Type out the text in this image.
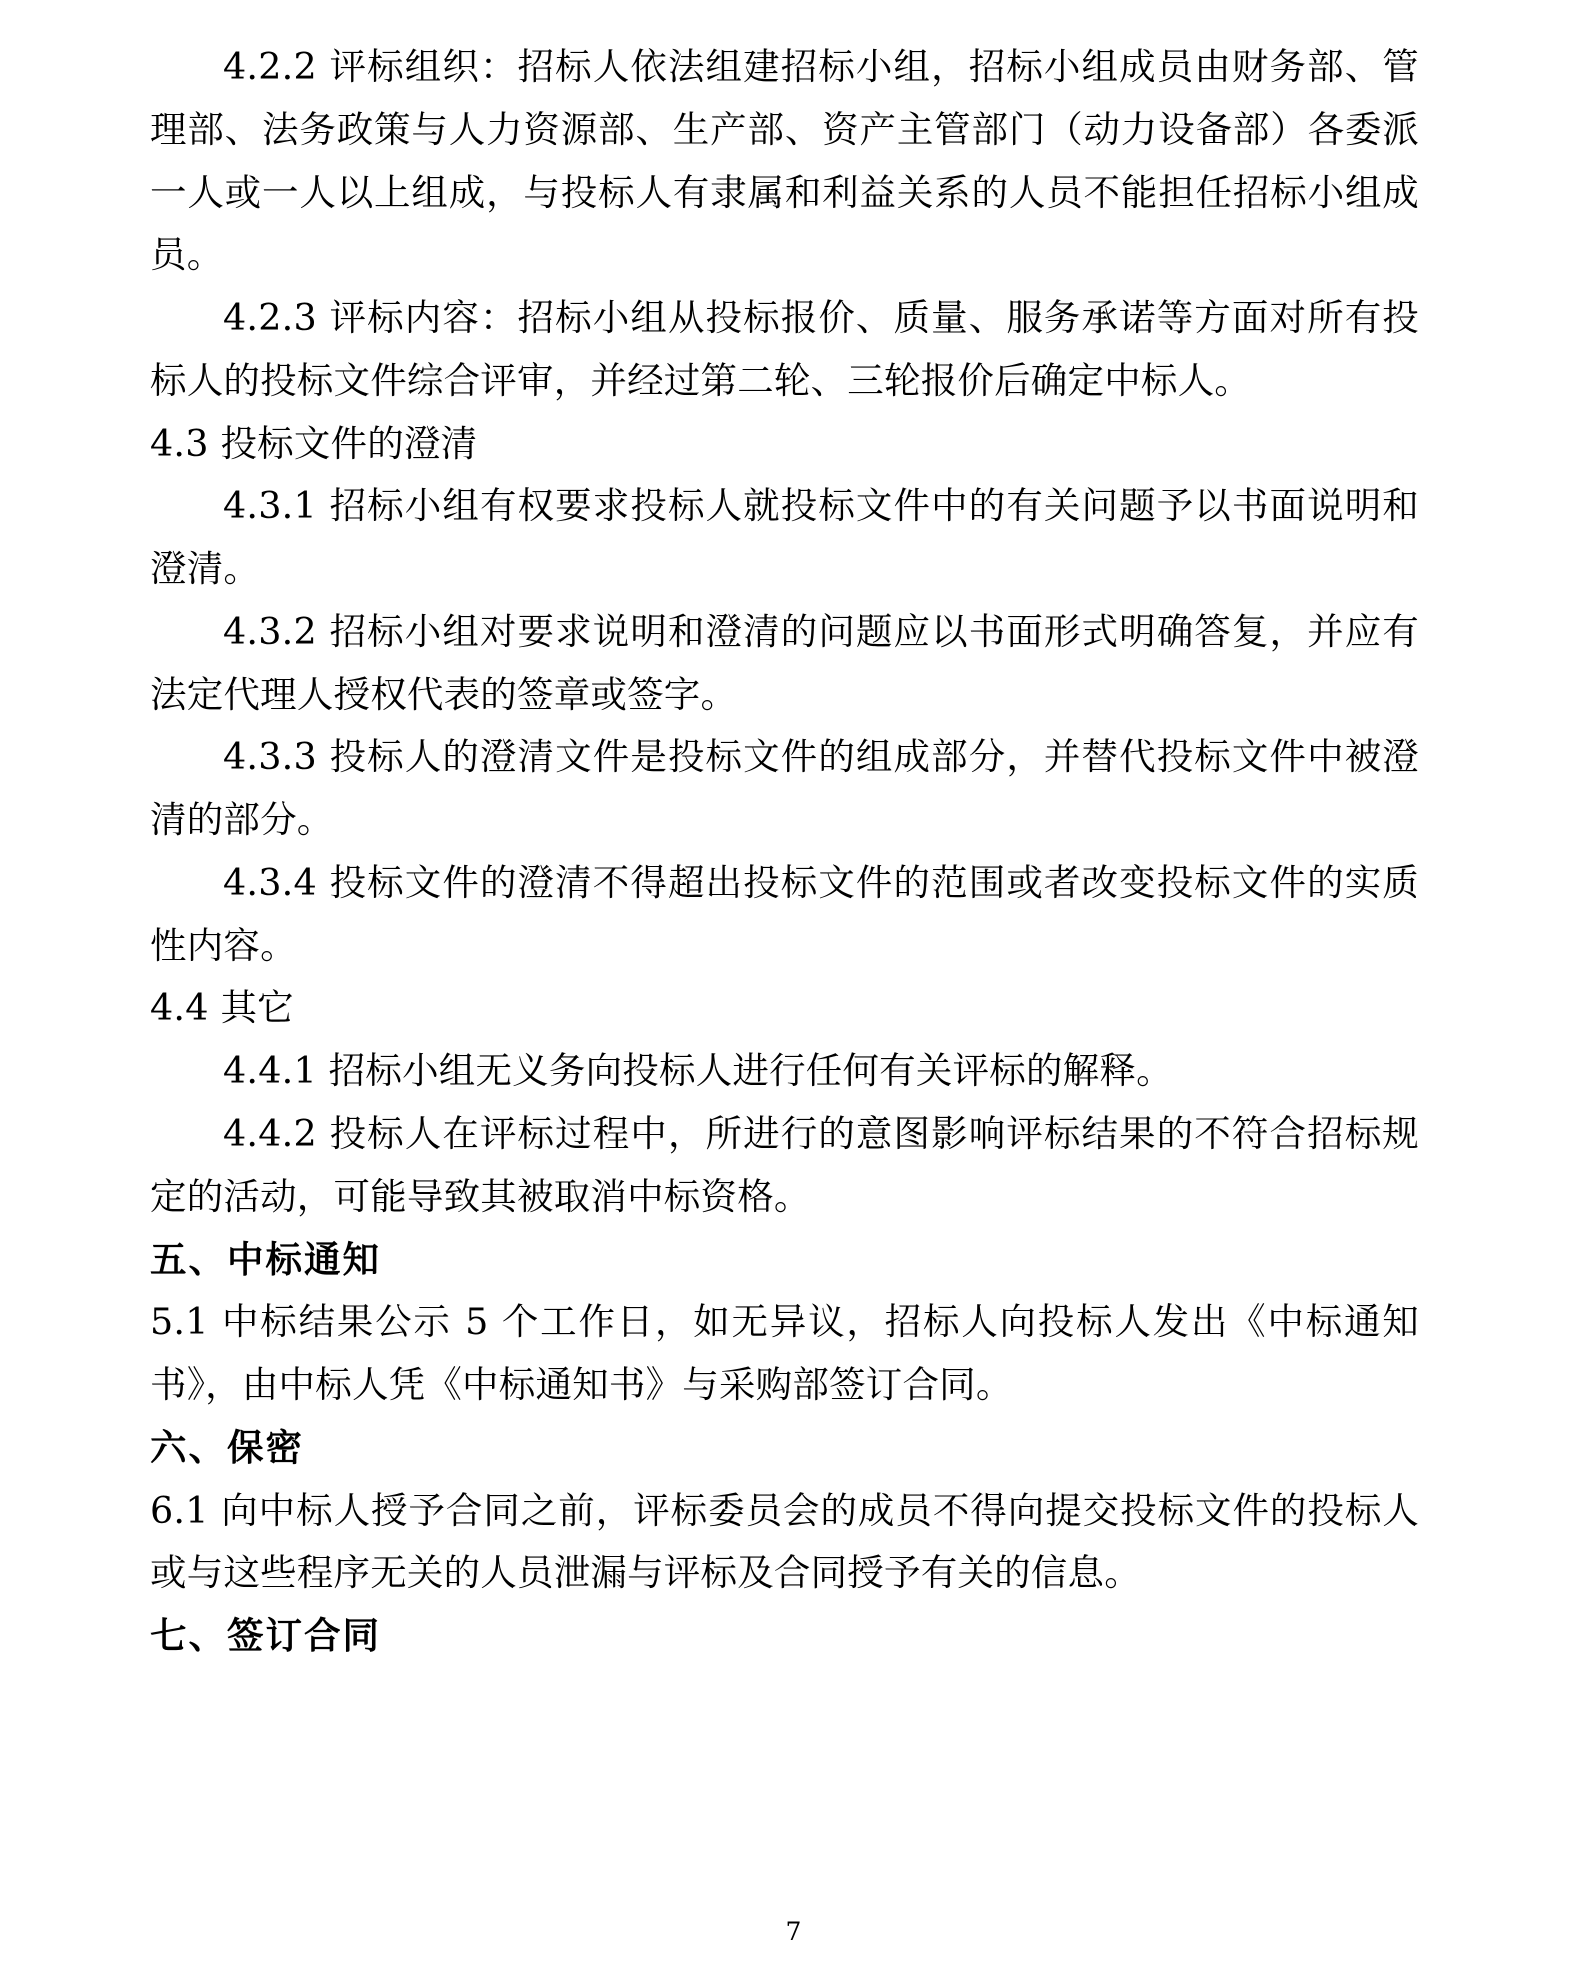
4.2.2 评标组织：招标人依法组建招标小组，招标小组成员由财务部、管理部、法务政策与人力资源部、生产部、资产主管部门（动力设备部）各委派一人或一人以上组成，与投标人有隶属和利益关系的人员不能担任招标小组成员。

4.2.3 评标内容：招标小组从投标报价、质量、服务承诺等方面对所有投标人的投标文件综合评审，并经过第二轮、三轮报价后确定中标人。

4.3 投标文件的澄清

4.3.1 招标小组有权要求投标人就投标文件中的有关问题予以书面说明和澄清。

4.3.2 招标小组对要求说明和澄清的问题应以书面形式明确答复，并应有法定代理人授权代表的签章或签字。

4.3.3 投标人的澄清文件是投标文件的组成部分，并替代投标文件中被澄清的部分。

4.3.4 投标文件的澄清不得超出投标文件的范围或者改变投标文件的实质性内容。

4.4 其它

4.4.1 招标小组无义务向投标人进行任何有关评标的解释。

4.4.2 投标人在评标过程中，所进行的意图影响评标结果的不符合招标规定的活动，可能导致其被取消中标资格。

五、中标通知

5.1 中标结果公示 5 个工作日，如无异议，招标人向投标人发出《中标通知书》，由中标人凭《中标通知书》与采购部签订合同。

六、保密

6.1 向中标人授予合同之前，评标委员会的成员不得向提交投标文件的投标人或与这些程序无关的人员泄漏与评标及合同授予有关的信息。

七、签订合同

7
